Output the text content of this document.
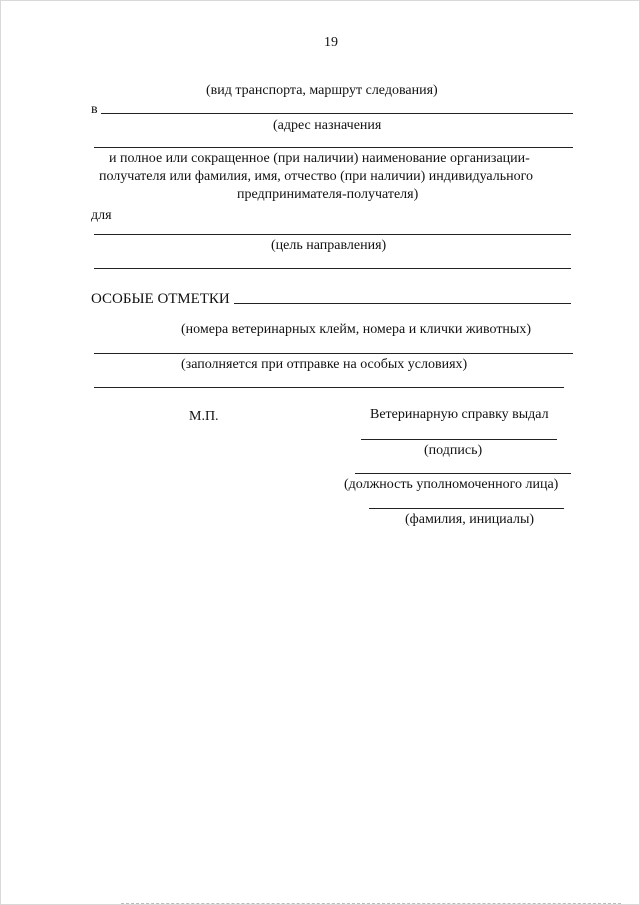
19
(вид транспорта, маршрут следования)
в
(адрес назначения
и полное или сокращенное (при наличии) наименование организации-
получателя или фамилия, имя, отчество (при наличии) индивидуального
предпринимателя-получателя)
для
(цель направления)
ОСОБЫЕ ОТМЕТКИ
(номера ветеринарных клейм, номера и клички животных)
(заполняется при отправке на особых условиях)
М.П.	Ветеринарную справку выдал
(подпись)
(должность уполномоченного лица)
(фамилия, инициалы)
